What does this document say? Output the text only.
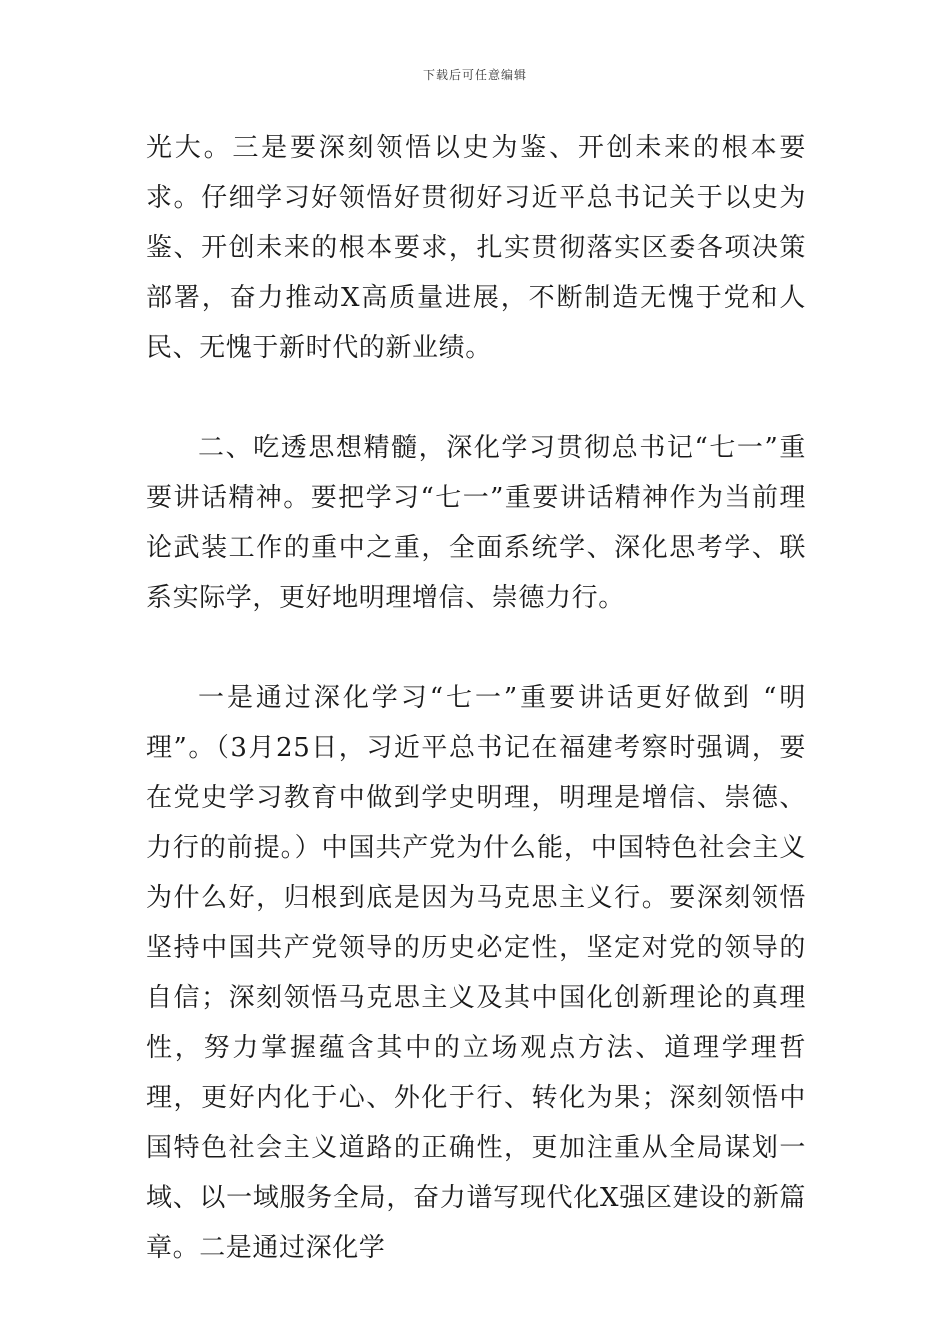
下载后可任意编辑

光大。三是要深刻领悟以史为鉴、开创未来的根本要求。仔细学习好领悟好贯彻好习近平总书记关于以史为鉴、开创未来的根本要求，扎实贯彻落实区委各项决策部署，奋力推动X高质量进展，不断制造无愧于党和人民、无愧于新时代的新业绩。

二、吃透思想精髓，深化学习贯彻总书记“七一”重要讲话精神。要把学习“七一”重要讲话精神作为当前理论武装工作的重中之重，全面系统学、深化思考学、联系实际学，更好地明理增信、崇德力行。

一是通过深化学习“七一”重要讲话更好做到 “明理”。（3月25日，习近平总书记在福建考察时强调，要在党史学习教育中做到学史明理，明理是增信、崇德、力行的前提。）中国共产党为什么能，中国特色社会主义为什么好，归根到底是因为马克思主义行。要深刻领悟坚持中国共产党领导的历史必定性，坚定对党的领导的自信；深刻领悟马克思主义及其中国化创新理论的真理性，努力掌握蕴含其中的立场观点方法、道理学理哲理，更好内化于心、外化于行、转化为果；深刻领悟中国特色社会主义道路的正确性，更加注重从全局谋划一域、以一域服务全局，奋力谱写现代化X强区建设的新篇章。二是通过深化学
